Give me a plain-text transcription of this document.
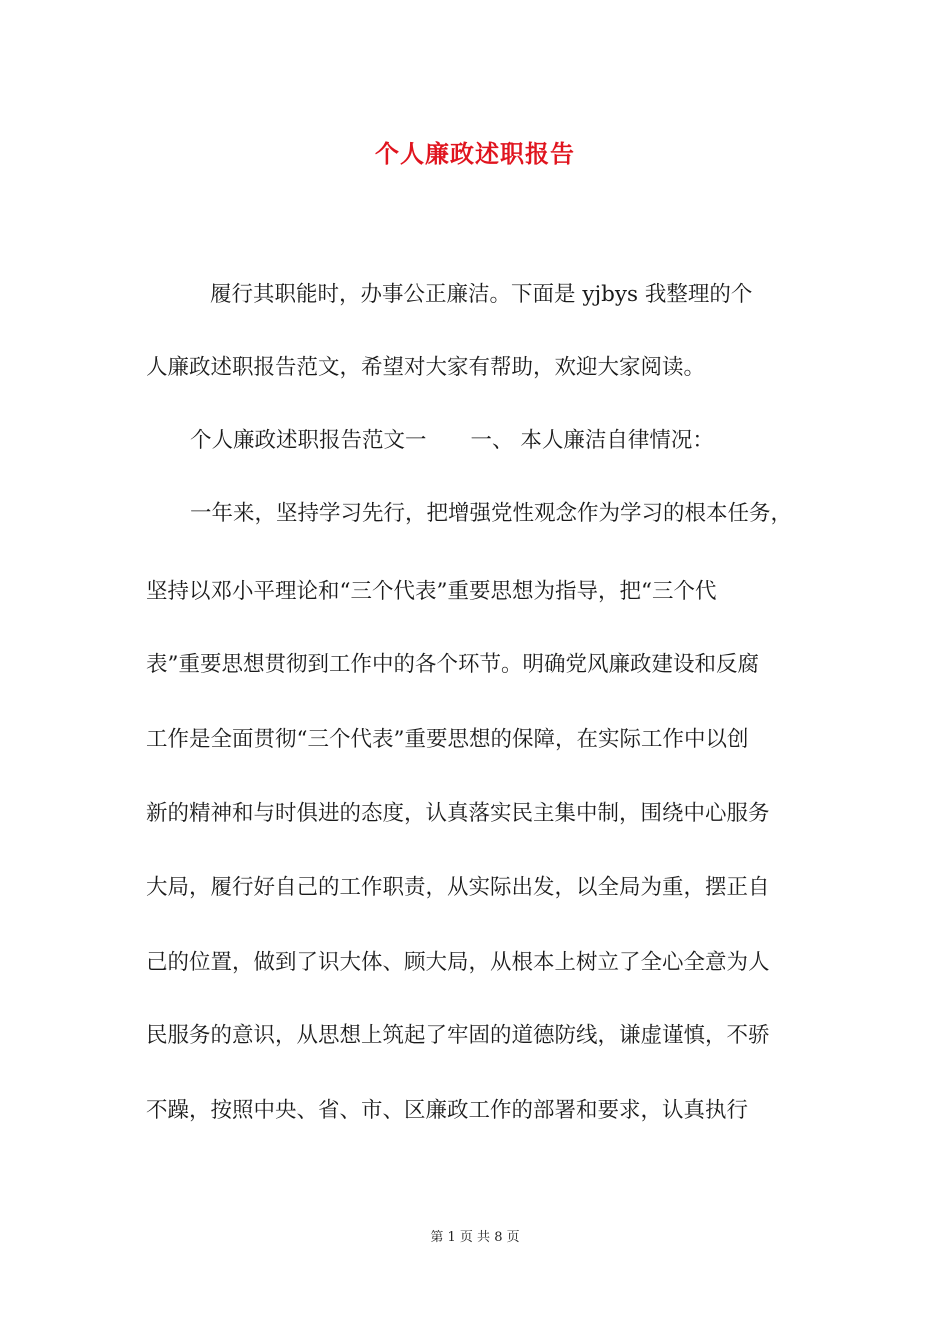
个人廉政述职报告
履行其职能时，办事公正廉洁。下面是 yjbys 我整理的个
人廉政述职报告范文，希望对大家有帮助，欢迎大家阅读。
个人廉政述职报告范文一 一、 本人廉洁自律情况：
一年来，坚持学习先行，把增强党性观念作为学习的根本任务，
坚持以邓小平理论和“三个代表”重要思想为指导，把“三个代
表”重要思想贯彻到工作中的各个环节。明确党风廉政建设和反腐
工作是全面贯彻“三个代表”重要思想的保障，在实际工作中以创
新的精神和与时俱进的态度，认真落实民主集中制，围绕中心服务
大局，履行好自己的工作职责，从实际出发，以全局为重，摆正自
己的位置，做到了识大体、顾大局，从根本上树立了全心全意为人
民服务的意识，从思想上筑起了牢固的道德防线，谦虚谨慎，不骄
不躁，按照中央、省、市、区廉政工作的部署和要求，认真执行
第 1 页 共 8 页
